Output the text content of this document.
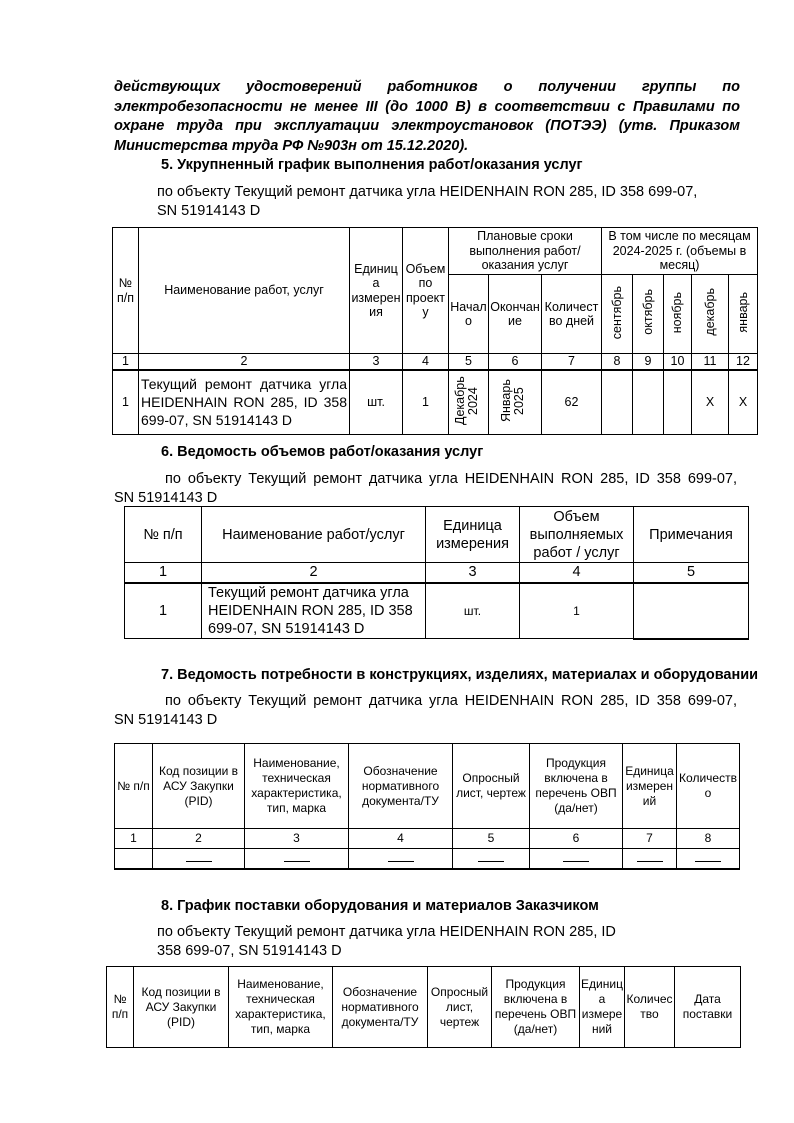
действующих удостоверений работников о получении группы по электробезопасности не менее III (до 1000 В) в соответствии с Правилами по охране труда при эксплуатации электроустановок (ПОТЭЭ) (утв. Приказом Министерства труда РФ №903н от 15.12.2020).
5. Укрупненный график выполнения работ/оказания услуг
по объекту Текущий ремонт датчика угла HEIDENHAIN RON 285, ID 358 699-07,
SN 51914143 D
№ п/п	Наименование работ, услуг	Единица измерения	Объем по проекту	Плановые сроки выполнения работ/оказания услуг			В том числе по месяцам 2024-2025 г. (объемы в месяц)				
				Начало	Окончание	Количество дней	сентябрь	октябрь	ноябрь	декабрь	январь
1	2	3	4	5	6	7	8	9	10	11	12
1	Текущий ремонт датчика угла HEIDENHAIN RON 285, ID 358 699-07, SN 51914143 D	шт.	1	Декабрь 2024	Январь 2025	62				X	X
6. Ведомость объемов работ/оказания услуг
по объекту Текущий ремонт датчика угла HEIDENHAIN RON 285, ID 358 699-07,
SN 51914143 D
№ п/п	Наименование работ/услуг	Единица измерения	Объем выполняемых работ / услуг	Примечания
1	2	3	4	5
1	Текущий ремонт датчика угла HEIDENHAIN RON 285, ID 358 699-07, SN 51914143 D	шт.	1	
7. Ведомость потребности в конструкциях, изделиях, материалах и оборудовании
по объекту Текущий ремонт датчика угла HEIDENHAIN RON 285, ID 358 699-07,
SN 51914143 D
№ п/п	Код позиции в АСУ Закупки (PID)	Наименование, техническая характеристика, тип, марка	Обозначение нормативного документа/ТУ	Опросный лист, чертеж	Продукция включена в перечень ОВП (да/нет)	Единица измерений	Количество
1	2	3	4	5	6	7	8

8. График поставки оборудования и материалов Заказчиком
по объекту Текущий ремонт датчика угла HEIDENHAIN RON 285, ID
358 699-07, SN 51914143 D
№ п/п	Код позиции в АСУ Закупки (PID)	Наименование, техническая характеристика, тип, марка	Обозначение нормативного документа/ТУ	Опросный лист, чертеж	Продукция включена в перечень ОВП (да/нет)	Единица измерений	Количество	Дата поставки
